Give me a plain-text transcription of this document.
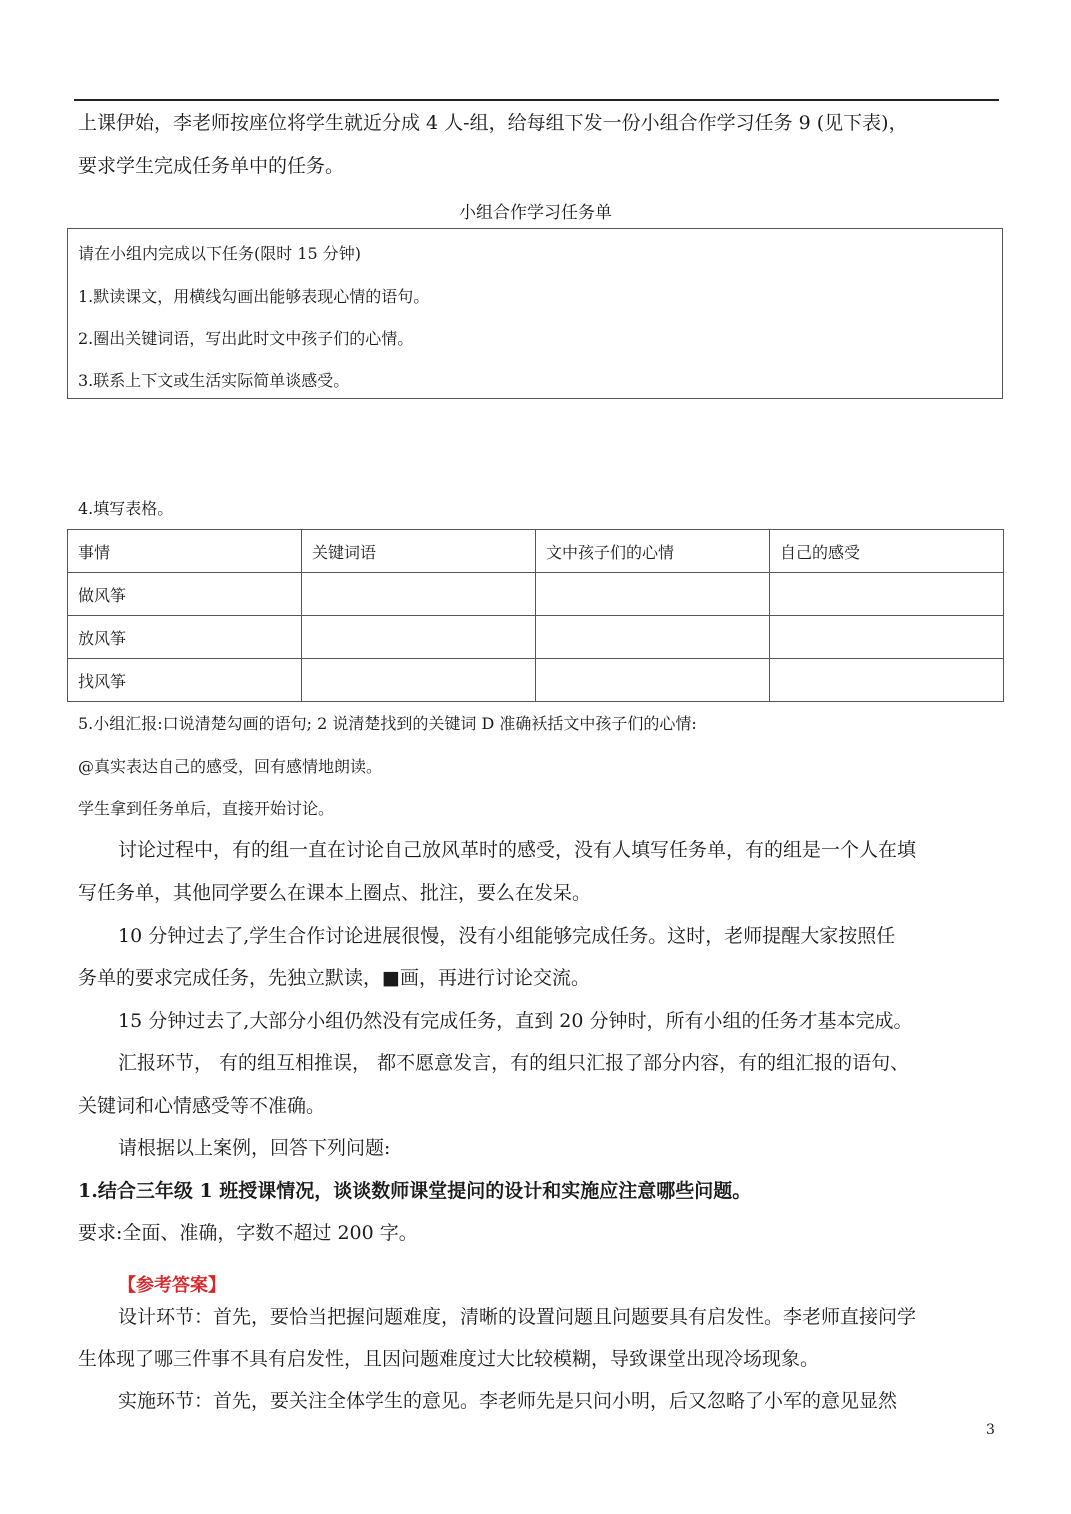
上课伊始，李老师按座位将学生就近分成 4 人-组，给每组下发一份小组合作学习任务 9 (见下表)，
要求学生完成任务单中的任务。
小组合作学习任务单
请在小组内完成以下任务(限时 15 分钟)
1.默读课文，用横线勾画出能够表现心情的语句。
2.圈出关键词语，写出此时文中孩子们的心情。
3.联系上下文或生活实际简单谈感受。
4.填写表格。
事情	关键词语	文中孩子们的心情	自己的感受
做风筝			
放风筝			
找风筝			
5.小组汇报:口说清楚勾画的语句; 2 说清楚找到的关键词 D 准确袄括文中孩子们的心情:
@真实表达自己的感受，回有感情地朗读。
学生拿到任务单后，直接开始讨论。
讨论过程中，有的组一直在讨论自己放风革时的感受，没有人填写任务单，有的组是一个人在填
写任务单，其他同学要么在课本上圈点、批注，要么在发呆。
10 分钟过去了,学生合作讨论进展很慢，没有小组能够完成任务。这时，老师提醒大家按照任
务单的要求完成任务，先独立默读，■画，再进行讨论交流。
15 分钟过去了,大部分小组仍然没有完成任务，直到 20 分钟时，所有小组的任务才基本完成。
汇报环节， 有的组互相推误， 都不愿意发言，有的组只汇报了部分内容，有的组汇报的语句、
关键词和心情感受等不准确。
请根据以上案例，回答下列问题:
1.结合三年级 1 班授课情况，谈谈数师课堂提问的设计和实施应注意哪些问题。
要求:全面、准确，字数不超过 200 字。
【参考答案】
设计环节：首先，要恰当把握问题难度，清晰的设置问题且问题要具有启发性。李老师直接问学
生体现了哪三件事不具有启发性，且因问题难度过大比较模糊，导致课堂出现冷场现象。
实施环节：首先，要关注全体学生的意见。李老师先是只问小明，后又忽略了小军的意见显然
3
